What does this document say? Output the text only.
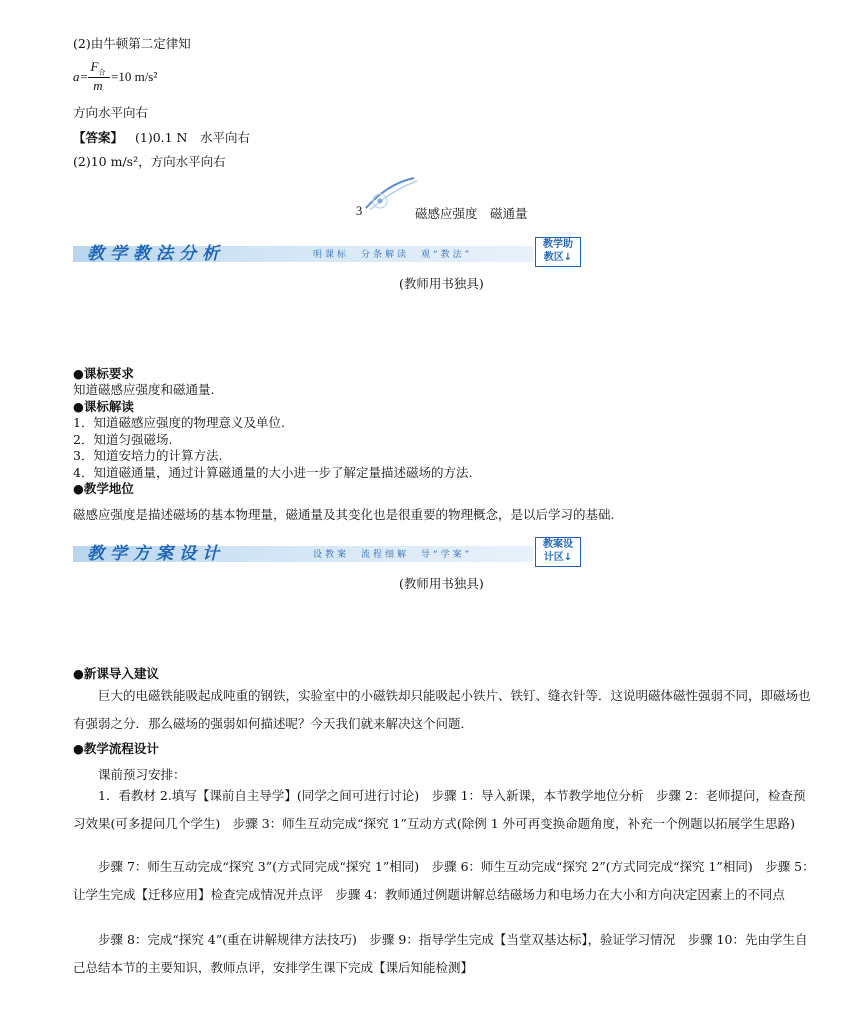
(2)由牛顿第二定律知
a=
$F_合$
m
=10 m/s²
方向水平向右
【答案】 (1)0.1 N　水平向右
(2)10 m/s²，方向水平向右
3	磁感应强度　磁通量
教学教法分析	明课标　分条解读　观“教法”
教学助
教区↓
(教师用书独具)
●课标要求
知道磁感应强度和磁通量.
●课标解读
1．知道磁感应强度的物理意义及单位.
2．知道匀强磁场.
3．知道安培力的计算方法.
4．知道磁通量，通过计算磁通量的大小进一步了解定量描述磁场的方法.
●教学地位
磁感应强度是描述磁场的基本物理量，磁通量及其变化也是很重要的物理概念，是以后学习的基础.
教学方案设计	设教案　流程细解　导“学案”
教案设
计区↓
(教师用书独具)
●新课导入建议
巨大的电磁铁能吸起成吨重的钢铁，实验室中的小磁铁却只能吸起小铁片、铁钉、缝衣针等．这说明磁体磁性强弱不同，即磁场也有强弱之分．那么磁场的强弱如何描述呢？今天我们就来解决这个问题．
●教学流程设计
课前预习安排：
1．看教材 2.填写【课前自主导学】(同学之间可进行讨论)　步骤 1：导入新课，本节教学地位分析　步骤 2：老师提问，检查预习效果(可多提问几个学生)　步骤 3：师生互动完成“探究 1”互动方式(除例 1 外可再变换命题角度，补充一个例题以拓展学生思路)
步骤 7：师生互动完成“探究 3”(方式同完成“探究 1”相同)　步骤 6：师生互动完成“探究 2”(方式同完成“探究 1”相同)　步骤 5：让学生完成【迁移应用】检查完成情况并点评　步骤 4：教师通过例题讲解总结磁场力和电场力在大小和方向决定因素上的不同点
步骤 8：完成“探究 4”(重在讲解规律方法技巧)　步骤 9：指导学生完成【当堂双基达标】，验证学习情况　步骤 10：先由学生自己总结本节的主要知识，教师点评，安排学生课下完成【课后知能检测】
